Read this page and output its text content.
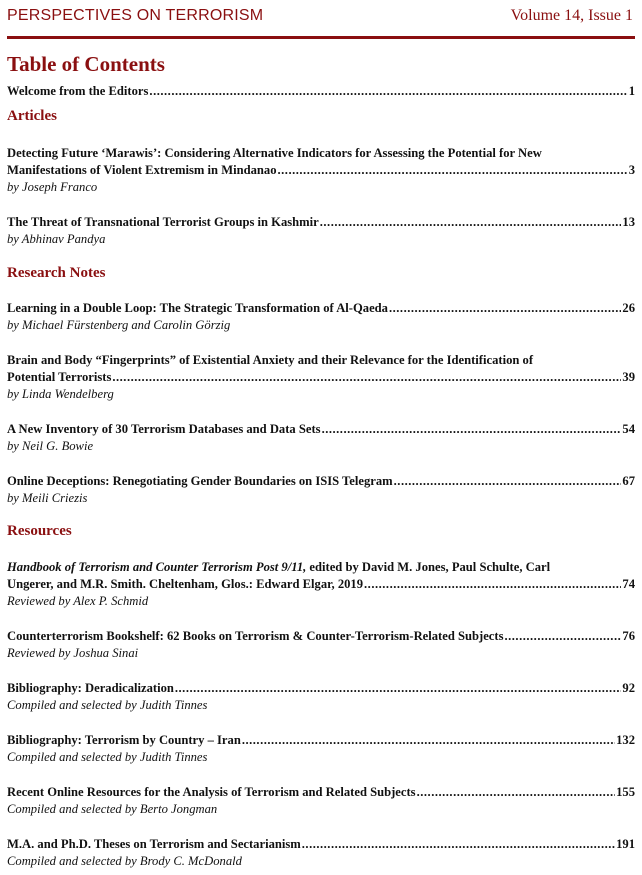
PERSPECTIVES ON TERRORISM	Volume 14, Issue 1
Table of Contents
Welcome from the Editors .....	1
Articles
Detecting Future ‘Marawis’: Considering Alternative Indicators for Assessing the Potential for New
Manifestations of Violent Extremism in Mindanao .....	3
by Joseph Franco
The Threat of Transnational Terrorist Groups in Kashmir .....	13
by Abhinav Pandya
Research Notes
Learning in a Double Loop: The Strategic Transformation of Al-Qaeda .....	26
by Michael Fürstenberg and Carolin Görzig
Brain and Body “Fingerprints” of Existential Anxiety and their Relevance for the Identification of
Potential Terrorists .....	39
by Linda Wendelberg
A New Inventory of 30 Terrorism Databases and Data Sets .....	54
by Neil G. Bowie
Online Deceptions: Renegotiating Gender Boundaries on ISIS Telegram .....	67
by Meili Criezis
Resources
Handbook of Terrorism and Counter Terrorism Post 9/11, edited by David M. Jones, Paul Schulte, Carl
Ungerer, and M.R. Smith. Cheltenham, Glos.: Edward Elgar, 2019 .....	74
Reviewed by Alex P. Schmid
Counterterrorism Bookshelf: 62 Books on Terrorism & Counter-Terrorism-Related Subjects .....	76
Reviewed by Joshua Sinai
Bibliography: Deradicalization .....	92
Compiled and selected by Judith Tinnes
Bibliography: Terrorism by Country – Iran .....	132
Compiled and selected by Judith Tinnes
Recent Online Resources for the Analysis of Terrorism and Related Subjects .....	155
Compiled and selected by Berto Jongman
M.A. and Ph.D. Theses on Terrorism and Sectarianism .....	191
Compiled and selected by Brody C. McDonald
